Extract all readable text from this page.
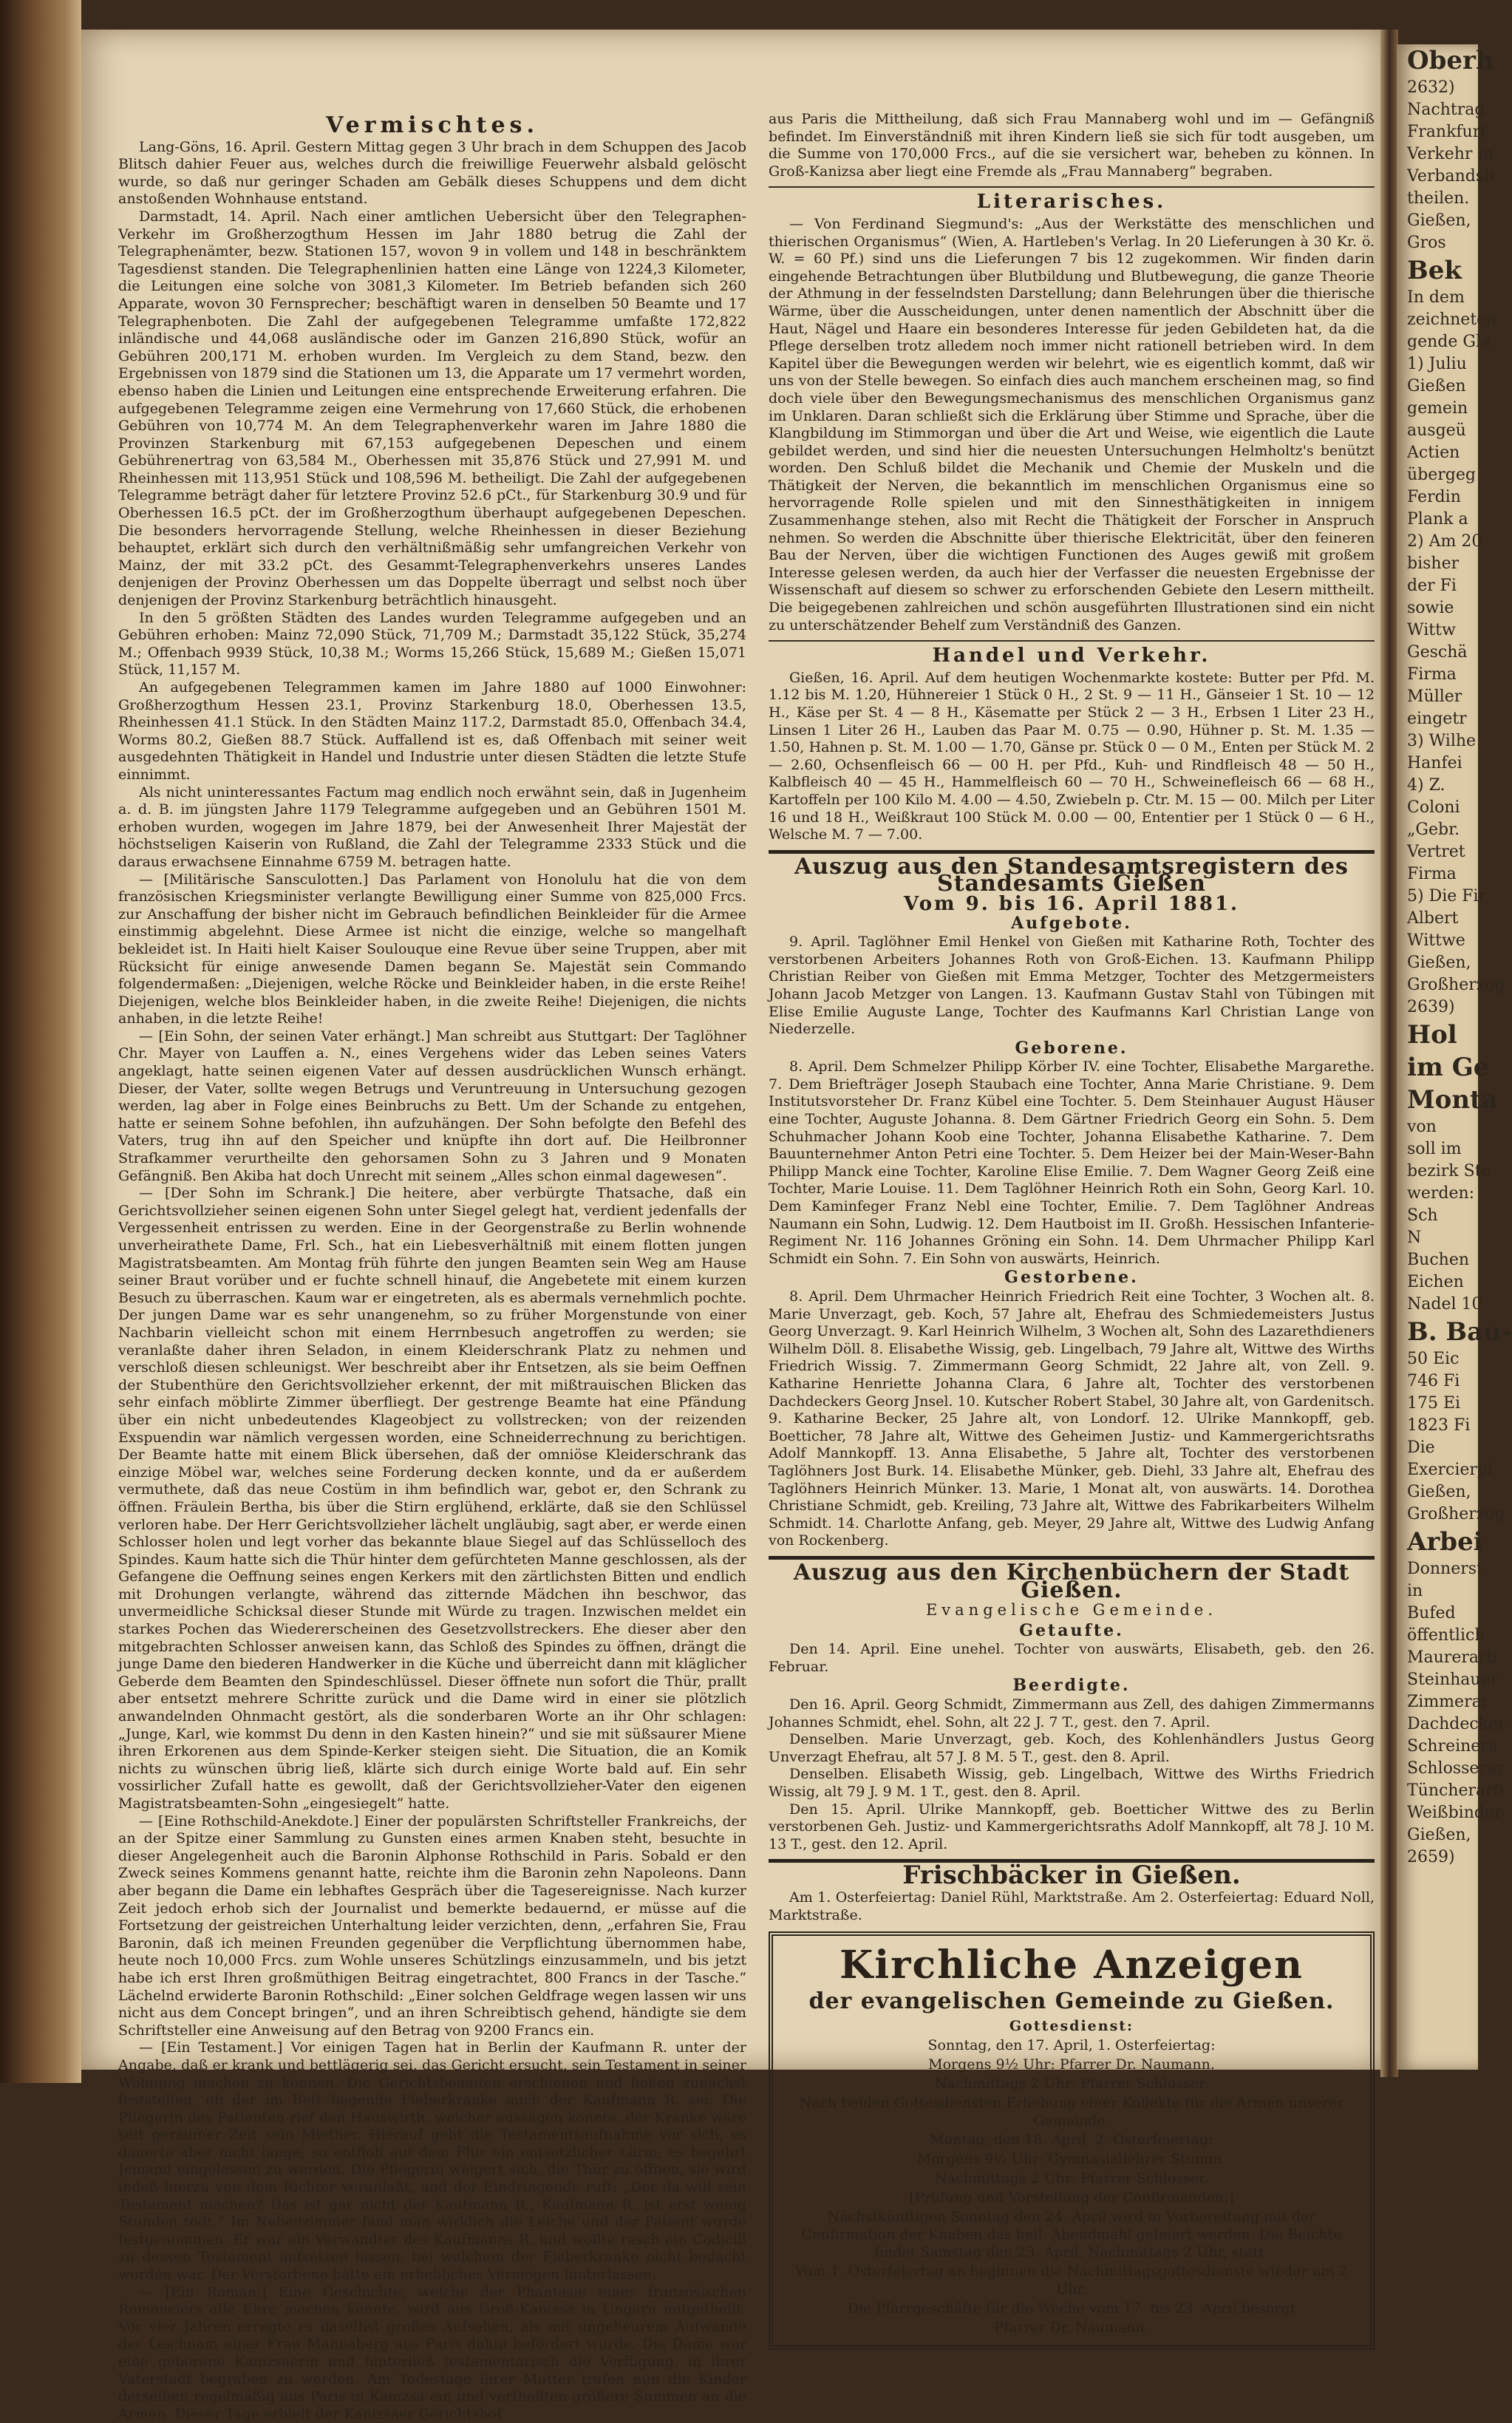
Oberh
2632)
Nachtrag
Frankfurt
Verkehr in
Verbandsb
theilen.
Gießen,
Gros
Bek
In dem
zeichneten
gende Gla
1) Juliu
Gießen
gemein
ausgeü
Actien
übergeg
Ferdin
Plank a
2) Am 20
bisher
der Fi
sowie
Wittw
Geschä
Firma
Müller
eingetr
3) Wilhe
Hanfei
4) Z.
Coloni
„Gebr.
Vertret
Firma
5) Die Fir
Albert
Wittwe
Gießen,
Großherzog
2639)
Hol
im Ge
Monta
von
soll im
bezirk Sto
werden:
Sch
N
Buchen
Eichen
Nadel 10
B. Bau-
50 Eic
746 Fi
175 Ei
1823 Fi
Die
Exercierpl
Gießen,
Großherzog
Arbei
Donnerst
in
Bufed
öffentlich
Maurerarb
Steinhauer
Zimmerar
Dachdecker
Schreinera
Schlosserar
Tüncherarb
Weißbinder
Gießen,
2659)
Vermischtes.

Lang-Göns, 16. April. Gestern Mittag gegen 3 Uhr brach in dem Schuppen des Jacob Blitsch dahier Feuer aus, welches durch die freiwillige Feuerwehr alsbald gelöscht wurde, so daß nur geringer Schaden am Gebälk dieses Schuppens und dem dicht anstoßenden Wohnhause entstand.

Darmstadt, 14. April. Nach einer amtlichen Uebersicht über den Telegraphen-Verkehr im Großherzogthum Hessen im Jahr 1880 betrug die Zahl der Telegraphenämter, bezw. Stationen 157, wovon 9 in vollem und 148 in beschränktem Tagesdienst standen. Die Telegraphenlinien hatten eine Länge von 1224,3 Kilometer, die Leitungen eine solche von 3081,3 Kilometer. Im Betrieb befanden sich 260 Apparate, wovon 30 Fernsprecher; beschäftigt waren in denselben 50 Beamte und 17 Telegraphenboten. Die Zahl der aufgegebenen Telegramme umfaßte 172,822 inländische und 44,068 ausländische oder im Ganzen 216,890 Stück, wofür an Gebühren 200,171 M. erhoben wurden. Im Vergleich zu dem Stand, bezw. den Ergebnissen von 1879 sind die Stationen um 13, die Apparate um 17 vermehrt worden, ebenso haben die Linien und Leitungen eine entsprechende Erweiterung erfahren. Die aufgegebenen Telegramme zeigen eine Vermehrung von 17,660 Stück, die erhobenen Gebühren von 10,774 M. An dem Telegraphenverkehr waren im Jahre 1880 die Provinzen Starkenburg mit 67,153 aufgegebenen Depeschen und einem Gebührenertrag von 63,584 M., Oberhessen mit 35,876 Stück und 27,991 M. und Rheinhessen mit 113,951 Stück und 108,596 M. betheiligt. Die Zahl der aufgegebenen Telegramme beträgt daher für letztere Provinz 52.6 pCt., für Starkenburg 30.9 und für Oberhessen 16.5 pCt. der im Großherzogthum überhaupt aufgegebenen Depeschen. Die besonders hervorragende Stellung, welche Rheinhessen in dieser Beziehung behauptet, erklärt sich durch den verhältnißmäßig sehr umfangreichen Verkehr von Mainz, der mit 33.2 pCt. des Gesammt-Telegraphenverkehrs unseres Landes denjenigen der Provinz Oberhessen um das Doppelte überragt und selbst noch über denjenigen der Provinz Starkenburg beträchtlich hinausgeht.

In den 5 größten Städten des Landes wurden Telegramme aufgegeben und an Gebühren erhoben: Mainz 72,090 Stück, 71,709 M.; Darmstadt 35,122 Stück, 35,274 M.; Offenbach 9939 Stück, 10,38 M.; Worms 15,266 Stück, 15,689 M.; Gießen 15,071 Stück, 11,157 M.

An aufgegebenen Telegrammen kamen im Jahre 1880 auf 1000 Einwohner: Großherzogthum Hessen 23.1, Provinz Starkenburg 18.0, Oberhessen 13.5, Rheinhessen 41.1 Stück. In den Städten Mainz 117.2, Darmstadt 85.0, Offenbach 34.4, Worms 80.2, Gießen 88.7 Stück. Auffallend ist es, daß Offenbach mit seiner weit ausgedehnten Thätigkeit in Handel und Industrie unter diesen Städten die letzte Stufe einnimmt.

Als nicht uninteressantes Factum mag endlich noch erwähnt sein, daß in Jugenheim a. d. B. im jüngsten Jahre 1179 Telegramme aufgegeben und an Gebühren 1501 M. erhoben wurden, wogegen im Jahre 1879, bei der Anwesenheit Ihrer Majestät der höchstseligen Kaiserin von Rußland, die Zahl der Telegramme 2333 Stück und die daraus erwachsene Einnahme 6759 M. betragen hatte.

— [Militärische Sansculotten.] Das Parlament von Honolulu hat die von dem französischen Kriegsminister verlangte Bewilligung einer Summe von 825,000 Frcs. zur Anschaffung der bisher nicht im Gebrauch befindlichen Beinkleider für die Armee einstimmig abgelehnt. Diese Armee ist nicht die einzige, welche so mangelhaft bekleidet ist. In Haiti hielt Kaiser Soulouque eine Revue über seine Truppen, aber mit Rücksicht für einige anwesende Damen begann Se. Majestät sein Commando folgendermaßen: „Diejenigen, welche Röcke und Beinkleider haben, in die erste Reihe! Diejenigen, welche blos Beinkleider haben, in die zweite Reihe! Diejenigen, die nichts anhaben, in die letzte Reihe!

— [Ein Sohn, der seinen Vater erhängt.] Man schreibt aus Stuttgart: Der Taglöhner Chr. Mayer von Lauffen a. N., eines Vergehens wider das Leben seines Vaters angeklagt, hatte seinen eigenen Vater auf dessen ausdrücklichen Wunsch erhängt. Dieser, der Vater, sollte wegen Betrugs und Veruntreuung in Untersuchung gezogen werden, lag aber in Folge eines Beinbruchs zu Bett. Um der Schande zu entgehen, hatte er seinem Sohne befohlen, ihn aufzuhängen. Der Sohn befolgte den Befehl des Vaters, trug ihn auf den Speicher und knüpfte ihn dort auf. Die Heilbronner Strafkammer verurtheilte den gehorsamen Sohn zu 3 Jahren und 9 Monaten Gefängniß. Ben Akiba hat doch Unrecht mit seinem „Alles schon einmal dagewesen“.

— [Der Sohn im Schrank.] Die heitere, aber verbürgte Thatsache, daß ein Gerichtsvollzieher seinen eigenen Sohn unter Siegel gelegt hat, verdient jedenfalls der Vergessenheit entrissen zu werden. Eine in der Georgenstraße zu Berlin wohnende unverheirathete Dame, Frl. Sch., hat ein Liebesverhältniß mit einem flotten jungen Magistratsbeamten. Am Montag früh führte den jungen Beamten sein Weg am Hause seiner Braut vorüber und er fuchte schnell hinauf, die Angebetete mit einem kurzen Besuch zu überraschen. Kaum war er eingetreten, als es abermals vernehmlich pochte. Der jungen Dame war es sehr unangenehm, so zu früher Morgenstunde von einer Nachbarin vielleicht schon mit einem Herrnbesuch angetroffen zu werden; sie veranlaßte daher ihren Seladon, in einem Kleiderschrank Platz zu nehmen und verschloß diesen schleunigst. Wer beschreibt aber ihr Entsetzen, als sie beim Oeffnen der Stubenthüre den Gerichtsvollzieher erkennt, der mit mißtrauischen Blicken das sehr einfach möblirte Zimmer überfliegt. Der gestrenge Beamte hat eine Pfändung über ein nicht unbedeutendes Klageobject zu vollstrecken; von der reizenden Exspuendin war nämlich vergessen worden, eine Schneiderrechnung zu berichtigen. Der Beamte hatte mit einem Blick übersehen, daß der omniöse Kleiderschrank das einzige Möbel war, welches seine Forderung decken konnte, und da er außerdem vermuthete, daß das neue Costüm in ihm befindlich war, gebot er, den Schrank zu öffnen. Fräulein Bertha, bis über die Stirn erglühend, erklärte, daß sie den Schlüssel verloren habe. Der Herr Gerichtsvollzieher lächelt ungläubig, sagt aber, er werde einen Schlosser holen und legt vorher das bekannte blaue Siegel auf das Schlüsselloch des Spindes. Kaum hatte sich die Thür hinter dem gefürchteten Manne geschlossen, als der Gefangene die Oeffnung seines engen Kerkers mit den zärtlichsten Bitten und endlich mit Drohungen verlangte, während das zitternde Mädchen ihn beschwor, das unvermeidliche Schicksal dieser Stunde mit Würde zu tragen. Inzwischen meldet ein starkes Pochen das Wiedererscheinen des Gesetzvollstreckers. Ehe dieser aber den mitgebrachten Schlosser anweisen kann, das Schloß des Spindes zu öffnen, drängt die junge Dame den biederen Handwerker in die Küche und überreicht dann mit kläglicher Geberde dem Beamten den Spindeschlüssel. Dieser öffnete nun sofort die Thür, prallt aber entsetzt mehrere Schritte zurück und die Dame wird in einer sie plötzlich anwandelnden Ohnmacht gestört, als die sonderbaren Worte an ihr Ohr schlagen: „Junge, Karl, wie kommst Du denn in den Kasten hinein?“ und sie mit süßsaurer Miene ihren Erkorenen aus dem Spinde-Kerker steigen sieht. Die Situation, die an Komik nichts zu wünschen übrig ließ, klärte sich durch einige Worte bald auf. Ein sehr vossirlicher Zufall hatte es gewollt, daß der Gerichtsvollzieher-Vater den eigenen Magistratsbeamten-Sohn „eingesiegelt“ hatte.

— [Eine Rothschild-Anekdote.] Einer der populärsten Schriftsteller Frankreichs, der an der Spitze einer Sammlung zu Gunsten eines armen Knaben steht, besuchte in dieser Angelegenheit auch die Baronin Alphonse Rothschild in Paris. Sobald er den Zweck seines Kommens genannt hatte, reichte ihm die Baronin zehn Napoleons. Dann aber begann die Dame ein lebhaftes Gespräch über die Tagesereignisse. Nach kurzer Zeit jedoch erhob sich der Journalist und bemerkte bedauernd, er müsse auf die Fortsetzung der geistreichen Unterhaltung leider verzichten, denn, „erfahren Sie, Frau Baronin, daß ich meinen Freunden gegenüber die Verpflichtung übernommen habe, heute noch 10,000 Frcs. zum Wohle unseres Schützlings einzusammeln, und bis jetzt habe ich erst Ihren großmüthigen Beitrag eingetrachtet, 800 Francs in der Tasche.“ Lächelnd erwiderte Baronin Rothschild: „Einer solchen Geldfrage wegen lassen wir uns nicht aus dem Concept bringen“, und an ihren Schreibtisch gehend, händigte sie dem Schriftsteller eine Anweisung auf den Betrag von 9200 Francs ein.

— [Ein Testament.] Vor einigen Tagen hat in Berlin der Kaufmann R. unter der Angabe, daß er krank und bettlägerig sei, das Gericht ersucht, sein Testament in seiner Wohnung machen zu können. Die Gerichtsbeamten erschienen und ließen zunächst feststellen, ob der im Bett liegende Fieberkranke auch der Kaufmann R. sei. Die Pflegerin des Patienten rief den Hauswirth, welcher aussagen konnte, der Kranke wäre seit geraumer Zeit sein Miether. Hierauf geht die Testamentsaufnahme vor sich, es dauerte aber nicht lange, so entfloh auf dem Flur ein entsetzlicher Lärm; es begehrt Jemand eingelassen zu werden. Die Pflegerin weigert sich, die Thür zu öffnen, sie wird indeß hierzu von dem Richter veranlaßt, und der Eindringende ruft: „Der da will sein Testament machen? Das ist gar nicht der Kaufmann R., Kaufmann R. ist erst wenig Stunden todt.“ Im Nebenzimmer fand man wirklich die Leiche und der Patient wurde festgenommen. Er war ein Verwandter des Kaufmanns R. und wollte rasch ein Codicill zu dessen Testament aufsetzen lassen, bei welchem der Fieberkranke nicht bedacht worden war. Der Verstorbene hatte ein erhebliches Vermögen hinterlassen.

— [Ein Roman.] Eine Geschichte, welche der Phantasie eines französischen Romanciers alle Ehre machen könnte, wird aus Groß-Kanizsa in Ungarn mitgetheilt. Vor vier Jahren erregte es daselbst großes Aufsehen, als mit ungeheurem Aufwande der Leichnam einer Frau Mannaberg aus Paris dahin befördert wurde. Die Dame war eine geborene Kanizsaerin und hinterließ testamentarisch die Verfügung, in ihrer Vaterstadt begraben zu werden. Am Todestage ihrer Mutter trafen nun die Kinder derselben regelmäßig aus Paris in Kanizsa ein und vertheilten größere Summen an die Armen. Dieser Tage erhielt der Kanizsaer Gerichtshof

aus Paris die Mittheilung, daß sich Frau Mannaberg wohl und im — Gefängniß befindet. Im Einverständniß mit ihren Kindern ließ sie sich für todt ausgeben, um die Summe von 170,000 Frcs., auf die sie versichert war, beheben zu können. In Groß-Kanizsa aber liegt eine Fremde als „Frau Mannaberg“ begraben.

Literarisches.

— Von Ferdinand Siegmund's: „Aus der Werkstätte des menschlichen und thierischen Organismus“ (Wien, A. Hartleben's Verlag. In 20 Lieferungen à 30 Kr. ö. W. = 60 Pf.) sind uns die Lieferungen 7 bis 12 zugekommen. Wir finden darin eingehende Betrachtungen über Blutbildung und Blutbewegung, die ganze Theorie der Athmung in der fesselndsten Darstellung; dann Belehrungen über die thierische Wärme, über die Ausscheidungen, unter denen namentlich der Abschnitt über die Haut, Nägel und Haare ein besonderes Interesse für jeden Gebildeten hat, da die Pflege derselben trotz alledem noch immer nicht rationell betrieben wird. In dem Kapitel über die Bewegungen werden wir belehrt, wie es eigentlich kommt, daß wir uns von der Stelle bewegen. So einfach dies auch manchem erscheinen mag, so find doch viele über den Bewegungsmechanismus des menschlichen Organismus ganz im Unklaren. Daran schließt sich die Erklärung über Stimme und Sprache, über die Klangbildung im Stimmorgan und über die Art und Weise, wie eigentlich die Laute gebildet werden, und sind hier die neuesten Untersuchungen Helmholtz's benützt worden. Den Schluß bildet die Mechanik und Chemie der Muskeln und die Thätigkeit der Nerven, die bekanntlich im menschlichen Organismus eine so hervorragende Rolle spielen und mit den Sinnesthätigkeiten in innigem Zusammenhange stehen, also mit Recht die Thätigkeit der Forscher in Anspruch nehmen. So werden die Abschnitte über thierische Elektricität, über den feineren Bau der Nerven, über die wichtigen Functionen des Auges gewiß mit großem Interesse gelesen werden, da auch hier der Verfasser die neuesten Ergebnisse der Wissenschaft auf diesem so schwer zu erforschenden Gebiete den Lesern mittheilt. Die beigegebenen zahlreichen und schön ausgeführten Illustrationen sind ein nicht zu unterschätzender Behelf zum Verständniß des Ganzen.

Handel und Verkehr.

Gießen, 16. April. Auf dem heutigen Wochenmarkte kostete: Butter per Pfd. M. 1.12 bis M. 1.20, Hühnereier 1 Stück 0 H., 2 St. 9 — 11 H., Gänseier 1 St. 10 — 12 H., Käse per St. 4 — 8 H., Käsematte per Stück 2 — 3 H., Erbsen 1 Liter 23 H., Linsen 1 Liter 26 H., Lauben das Paar M. 0.75 — 0.90, Hühner p. St. M. 1.35 — 1.50, Hahnen p. St. M. 1.00 — 1.70, Gänse pr. Stück 0 — 0 M., Enten per Stück M. 2 — 2.60, Ochsenfleisch 66 — 00 H. per Pfd., Kuh- und Rindfleisch 48 — 50 H., Kalbfleisch 40 — 45 H., Hammelfleisch 60 — 70 H., Schweinefleisch 66 — 68 H., Kartoffeln per 100 Kilo M. 4.00 — 4.50, Zwiebeln p. Ctr. M. 15 — 00. Milch per Liter 16 und 18 H., Weißkraut 100 Stück M. 0.00 — 00, Ententier per 1 Stück 0 — 6 H., Welsche M. 7 — 7.00.

Auszug aus den Standesamtsregistern des Standesamts Gießen
Vom 9. bis 16. April 1881.
Aufgebote.

9. April. Taglöhner Emil Henkel von Gießen mit Katharine Roth, Tochter des verstorbenen Arbeiters Johannes Roth von Groß-Eichen. 13. Kaufmann Philipp Christian Reiber von Gießen mit Emma Metzger, Tochter des Metzgermeisters Johann Jacob Metzger von Langen. 13. Kaufmann Gustav Stahl von Tübingen mit Elise Emilie Auguste Lange, Tochter des Kaufmanns Karl Christian Lange von Niederzelle.

Geborene.

8. April. Dem Schmelzer Philipp Körber IV. eine Tochter, Elisabethe Margarethe. 7. Dem Briefträger Joseph Staubach eine Tochter, Anna Marie Christiane. 9. Dem Institutsvorsteher Dr. Franz Kübel eine Tochter. 5. Dem Steinhauer August Häuser eine Tochter, Auguste Johanna. 8. Dem Gärtner Friedrich Georg ein Sohn. 5. Dem Schuhmacher Johann Koob eine Tochter, Johanna Elisabethe Katharine. 7. Dem Bauunternehmer Anton Petri eine Tochter. 5. Dem Heizer bei der Main-Weser-Bahn Philipp Manck eine Tochter, Karoline Elise Emilie. 7. Dem Wagner Georg Zeiß eine Tochter, Marie Louise. 11. Dem Taglöhner Heinrich Roth ein Sohn, Georg Karl. 10. Dem Kaminfeger Franz Nebl eine Tochter, Emilie. 7. Dem Taglöhner Andreas Naumann ein Sohn, Ludwig. 12. Dem Hautboist im II. Großh. Hessischen Infanterie-Regiment Nr. 116 Johannes Gröning ein Sohn. 14. Dem Uhrmacher Philipp Karl Schmidt ein Sohn. 7. Ein Sohn von auswärts, Heinrich.

Gestorbene.

8. April. Dem Uhrmacher Heinrich Friedrich Reit eine Tochter, 3 Wochen alt. 8. Marie Unverzagt, geb. Koch, 57 Jahre alt, Ehefrau des Schmiedemeisters Justus Georg Unverzagt. 9. Karl Heinrich Wilhelm, 3 Wochen alt, Sohn des Lazarethdieners Wilhelm Döll. 8. Elisabethe Wissig, geb. Lingelbach, 79 Jahre alt, Wittwe des Wirths Friedrich Wissig. 7. Zimmermann Georg Schmidt, 22 Jahre alt, von Zell. 9. Katharine Henriette Johanna Clara, 6 Jahre alt, Tochter des verstorbenen Dachdeckers Georg Jnsel. 10. Kutscher Robert Stabel, 30 Jahre alt, von Gardenitsch. 9. Katharine Becker, 25 Jahre alt, von Londorf. 12. Ulrike Mannkopff, geb. Boetticher, 78 Jahre alt, Wittwe des Geheimen Justiz- und Kammergerichtsraths Adolf Mannkopff. 13. Anna Elisabethe, 5 Jahre alt, Tochter des verstorbenen Taglöhners Jost Burk. 14. Elisabethe Münker, geb. Diehl, 33 Jahre alt, Ehefrau des Taglöhners Heinrich Münker. 13. Marie, 1 Monat alt, von auswärts. 14. Dorothea Christiane Schmidt, geb. Kreiling, 73 Jahre alt, Wittwe des Fabrikarbeiters Wilhelm Schmidt. 14. Charlotte Anfang, geb. Meyer, 29 Jahre alt, Wittwe des Ludwig Anfang von Rockenberg.

Auszug aus den Kirchenbüchern der Stadt Gießen.
Evangelische Gemeinde.
Getaufte.

Den 14. April. Eine unehel. Tochter von auswärts, Elisabeth, geb. den 26. Februar.

Beerdigte.

Den 16. April. Georg Schmidt, Zimmermann aus Zell, des dahigen Zimmermanns Johannes Schmidt, ehel. Sohn, alt 22 J. 7 T., gest. den 7. April.

Denselben. Marie Unverzagt, geb. Koch, des Kohlenhändlers Justus Georg Unverzagt Ehefrau, alt 57 J. 8 M. 5 T., gest. den 8. April.

Denselben. Elisabeth Wissig, geb. Lingelbach, Wittwe des Wirths Friedrich Wissig, alt 79 J. 9 M. 1 T., gest. den 8. April.

Den 15. April. Ulrike Mannkopff, geb. Boetticher Wittwe des zu Berlin verstorbenen Geh. Justiz- und Kammergerichtsraths Adolf Mannkopff, alt 78 J. 10 M. 13 T., gest. den 12. April.

Frischbäcker in Gießen.

Am 1. Osterfeiertag: Daniel Rühl, Marktstraße. Am 2. Osterfeiertag: Eduard Noll, Marktstraße.

Kirchliche Anzeigen
der evangelischen Gemeinde zu Gießen.
Gottesdienst:
Sonntag, den 17. April, 1. Osterfeiertag:
Morgens 9½ Uhr: Pfarrer Dr. Naumann.
Nachmittags 2 Uhr: Pfarrer Schlosser.
Nach beiden Gottesdiensten Erhebung einer Kollekte für die Armen unserer Gemeinde.
Montag, den 18. April, 2. Osterfeiertag:
Morgens 9½ Uhr: Gymnasiallehrer Stumm.
Nachmittags 2 Uhr: Pfarrer Schlosser.
[Prüfung und Vorstellung der Confirmanden.]
Nächstkünftigen Sonntag den 24. April wird in Vorbereitung mit der Confirmation der Knaben das heil. Abendmahl gefeiert werden. Die Beichte findet Samstag den 23. April, Nachmittags 2 Uhr, statt.
Vom 1. Osterfeiertag an beginnen die Nachmittagsgottesdienste wieder um 2 Uhr.
Die Pfarrgeschäfte für die Woche vom 17. bis 23. April besorgt
Pfarrer Dr. Naumann.
